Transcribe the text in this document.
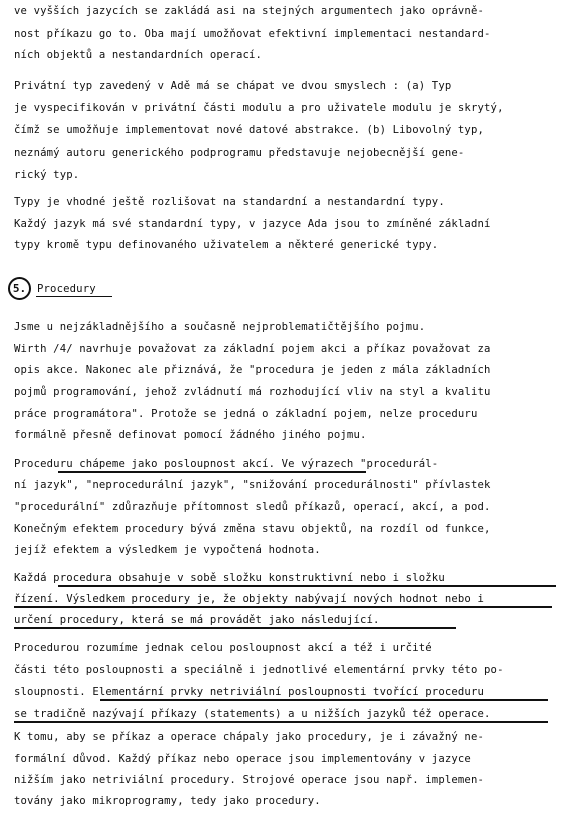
ve vyšších jazycích se zakládá asi na stejných argumentech jako oprávně-
nost příkazu go to. Oba mají umožňovat efektivní implementaci nestandard-
ních objektů a nestandardních operací.
Privátní typ zavedený v Adě má se chápat ve dvou smyslech : (a) Typ
je vyspecifikován v privátní části modulu a pro uživatele modulu je skrytý,
čímž se umožňuje implementovat nové datové abstrakce. (b) Libovolný typ,
neznámý autoru generického podprogramu představuje nejobecnější gene-
rický typ.
Typy je vhodné ještě rozlišovat na standardní a nestandardní typy.
Každý jazyk má své standardní typy, v jazyce Ada jsou to zmíněné základní
typy kromě typu definovaného uživatelem a některé generické typy.
5.	Procedury
Jsme u nejzákladnějšího a současně nejproblematičtějšího pojmu.
Wirth /4/ navrhuje považovat za základní pojem akci a příkaz považovat za
opis akce. Nakonec ale přiznává, že "procedura je jeden z mála základních
pojmů programování, jehož zvládnutí má rozhodující vliv na styl a kvalitu
práce programátora". Protože se jedná o základní pojem, nelze proceduru
formálně přesně definovat pomocí žádného jiného pojmu.
Proceduru chápeme jako posloupnost akcí. Ve výrazech "procedurál-
ní jazyk", "neprocedurální jazyk", "snižování procedurálnosti" přívlastek
"procedurální" zdůrazňuje přítomnost sledů příkazů, operací, akcí, a pod.
Konečným efektem procedury bývá změna stavu objektů, na rozdíl od funkce,
jejíž efektem a výsledkem je vypočtená hodnota.
Každá procedura obsahuje v sobě složku konstruktivní nebo i složku
řízení. Výsledkem procedury je, že objekty nabývají nových hodnot nebo i
určení procedury, která se má provádět jako následující.
Procedurou rozumíme jednak celou posloupnost akcí a též i určité
části této posloupnosti a speciálně i jednotlivé elementární prvky této po-
sloupnosti. Elementární prvky netriviální posloupnosti tvořící proceduru
se tradičně nazývají příkazy (statements) a u nižších jazyků též operace.
K tomu, aby se příkaz a operace chápaly jako procedury, je i závažný ne-
formální důvod. Každý příkaz nebo operace jsou implementovány v jazyce
nižším jako netriviální procedury. Strojové operace jsou např. implemen-
továny jako mikroprogramy, tedy jako procedury.
